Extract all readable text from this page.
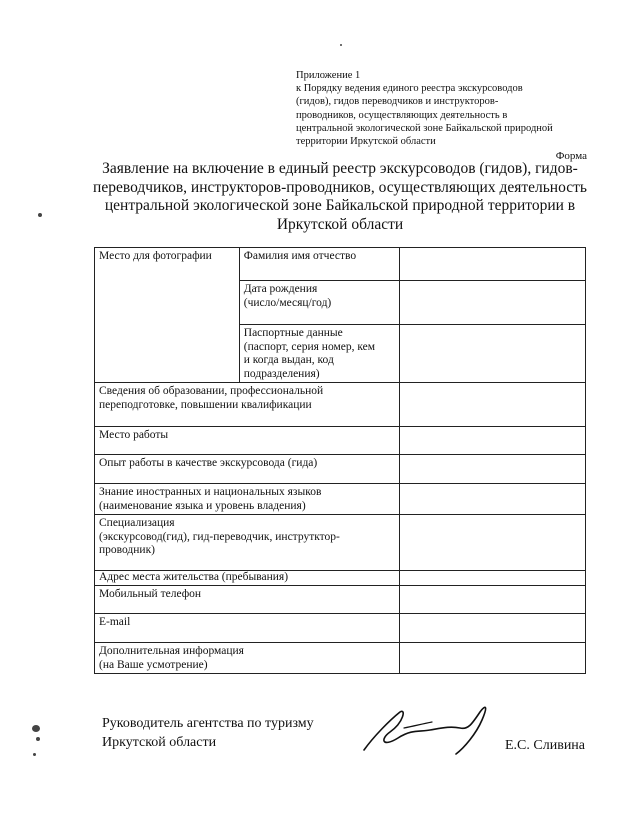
Приложение 1
к Порядку ведения единого реестра экскурсоводов
(гидов), гидов переводчиков и инструкторов-
проводников, осуществляющих деятельность в
центральной экологической зоне Байкальской природной
территории Иркутской области
Форма
Заявление на включение в единый реестр экскурсоводов (гидов), гидов-
переводчиков, инструкторов-проводников, осуществляющих деятельность
центральной экологической зоне Байкальской природной территории в
Иркутской области
Место для фотографии	Фамилия имя отчество	

	Дата рождения
(число/месяц/год)	

	Паспортные данные
(паспорт, серия номер, кем
и когда выдан, код
подразделения)	

Сведения об образовании, профессиональной
переподготовке, повышении квалификации		

Место работы		
Опыт работы в качестве экскурсовода (гида)		

Знание иностранных и национальных языков
(наименование языка и уровень владения)		

Специализация
(экскурсовод(гид), гид-переводчик, инструтктор-
проводник)		

Адрес места жительства (пребывания)		
Мобильный телефон		
E-mail		

Дополнительная информация
(на Ваше усмотрение)		

Руководитель агентства по туризму
Иркутской области	Е.С. Сливина
